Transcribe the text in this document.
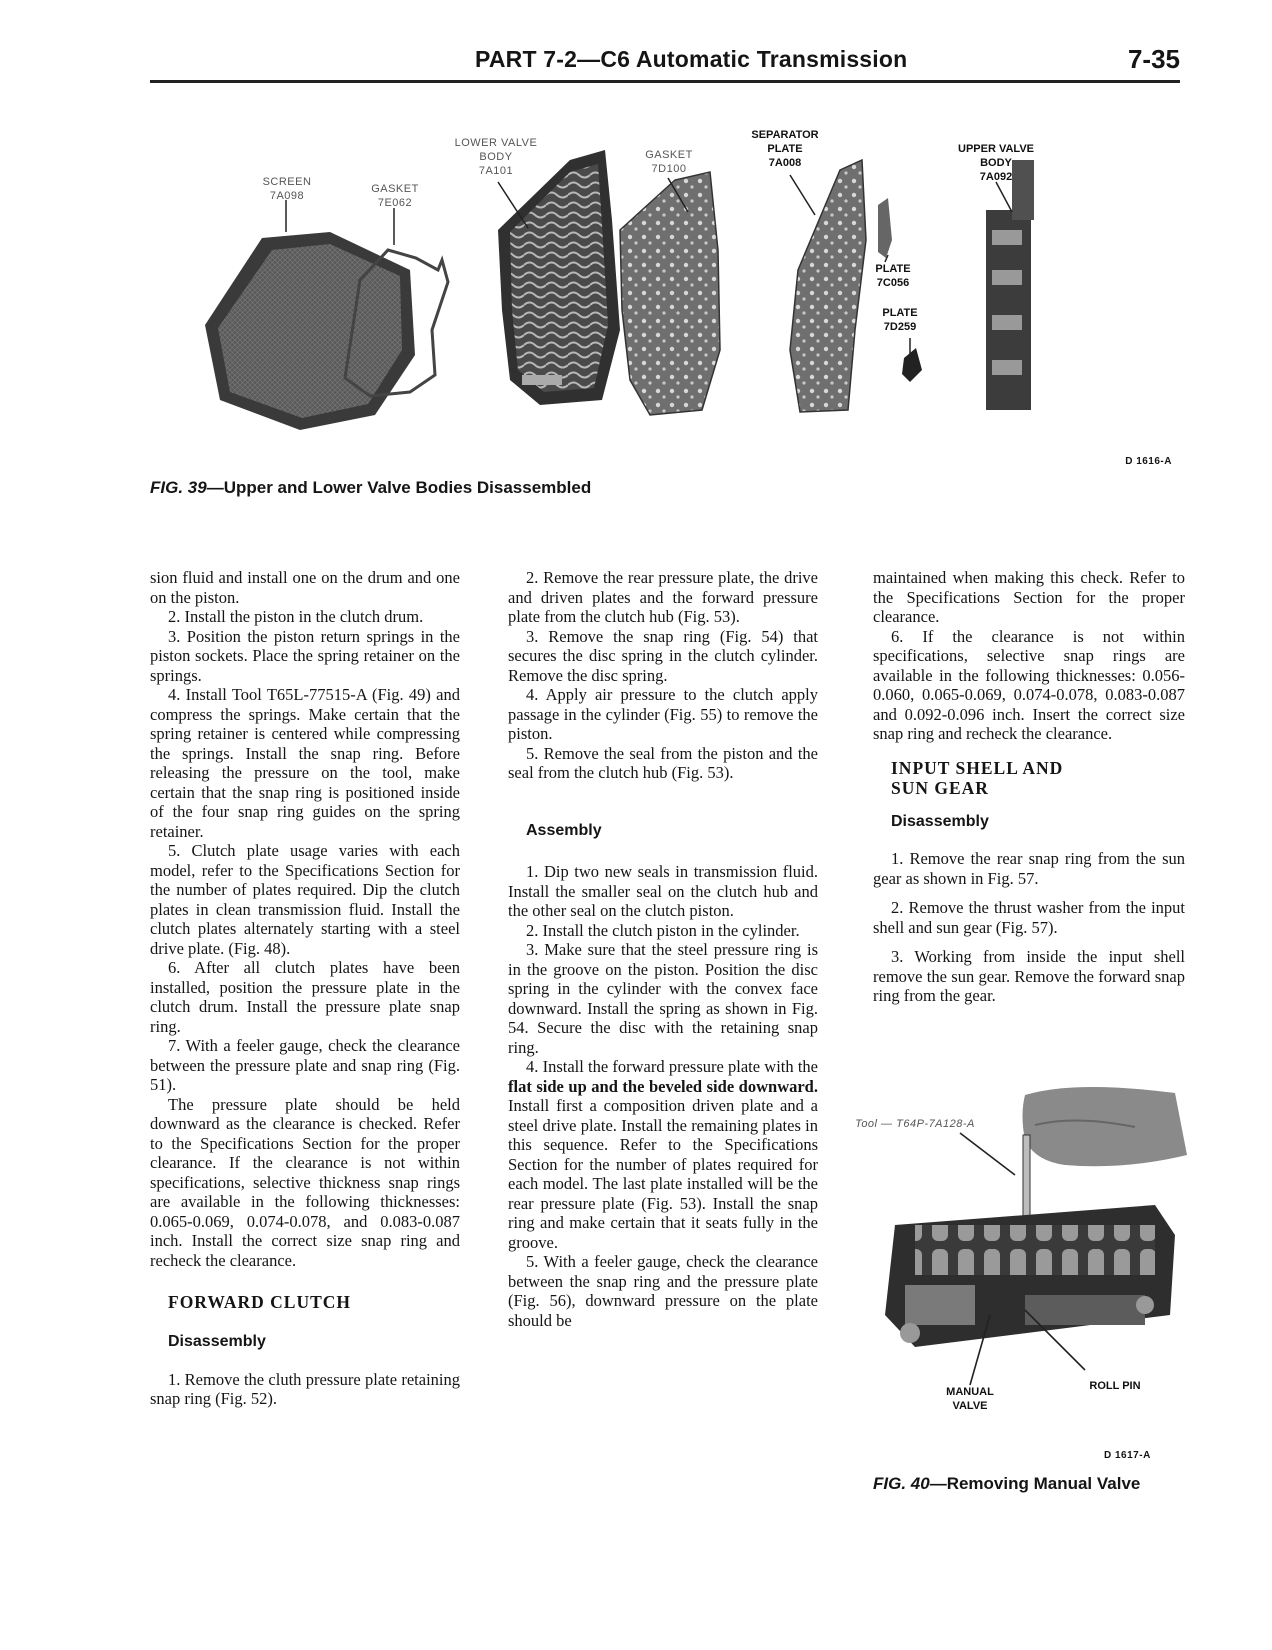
PART 7-2—C6 Automatic Transmission	7-35
SCREEN
7A098
GASKET
7E062
LOWER VALVE
BODY
7A101
GASKET
7D100
SEPARATOR
PLATE
7A008
UPPER VALVE
BODY
7A092
PLATE
7C056
PLATE
7D259
D 1616-A
FIG. 39—Upper and Lower Valve Bodies Disassembled

sion fluid and install one on the drum and one on the piston.

2. Install the piston in the clutch drum.

3. Position the piston return springs in the piston sockets. Place the spring retainer on the springs.

4. Install Tool T65L-77515-A (Fig. 49) and compress the springs. Make certain that the spring retainer is centered while compressing the springs. Install the snap ring. Before releasing the pressure on the tool, make certain that the snap ring is positioned inside of the four snap ring guides on the spring retainer.

5. Clutch plate usage varies with each model, refer to the Specifications Section for the number of plates required. Dip the clutch plates in clean transmission fluid. Install the clutch plates alternately starting with a steel drive plate. (Fig. 48).

6. After all clutch plates have been installed, position the pressure plate in the clutch drum. Install the pressure plate snap ring.

7. With a feeler gauge, check the clearance between the pressure plate and snap ring (Fig. 51).

The pressure plate should be held downward as the clearance is checked. Refer to the Specifications Section for the proper clearance. If the clearance is not within specifications, selective thickness snap rings are available in the following thicknesses: 0.065-0.069, 0.074-0.078, and 0.083-0.087 inch. Install the correct size snap ring and recheck the clearance.

FORWARD CLUTCH
Disassembly

1. Remove the cluth pressure plate retaining snap ring (Fig. 52).

2. Remove the rear pressure plate, the drive and driven plates and the forward pressure plate from the clutch hub (Fig. 53).

3. Remove the snap ring (Fig. 54) that secures the disc spring in the clutch cylinder. Remove the disc spring.

4. Apply air pressure to the clutch apply passage in the cylinder (Fig. 55) to remove the piston.

5. Remove the seal from the piston and the seal from the clutch hub (Fig. 53).

Assembly

1. Dip two new seals in transmission fluid. Install the smaller seal on the clutch hub and the other seal on the clutch piston.

2. Install the clutch piston in the cylinder.

3. Make sure that the steel pressure ring is in the groove on the piston. Position the disc spring in the cylinder with the convex face downward. Install the spring as shown in Fig. 54. Secure the disc with the retaining snap ring.

4. Install the forward pressure plate with the flat side up and the beveled side downward. Install first a composition driven plate and a steel drive plate. Install the remaining plates in this sequence. Refer to the Specifications Section for the number of plates required for each model. The last plate installed will be the rear pressure plate (Fig. 53). Install the snap ring and make certain that it seats fully in the groove.

5. With a feeler gauge, check the clearance between the snap ring and the pressure plate (Fig. 56), downward pressure on the plate should be

maintained when making this check. Refer to the Specifications Section for the proper clearance.

6. If the clearance is not within specifications, selective snap rings are available in the following thicknesses: 0.056-0.060, 0.065-0.069, 0.074-0.078, 0.083-0.087 and 0.092-0.096 inch. Insert the correct size snap ring and recheck the clearance.

INPUT SHELL AND SUN GEAR
Disassembly

1. Remove the rear snap ring from the sun gear as shown in Fig. 57.

2. Remove the thrust washer from the input shell and sun gear (Fig. 57).

3. Working from inside the input shell remove the sun gear. Remove the forward snap ring from the gear.

Tool — T64P-7A128-A
MANUAL
VALVE
ROLL PIN
D 1617-A
FIG. 40—Removing Manual Valve
